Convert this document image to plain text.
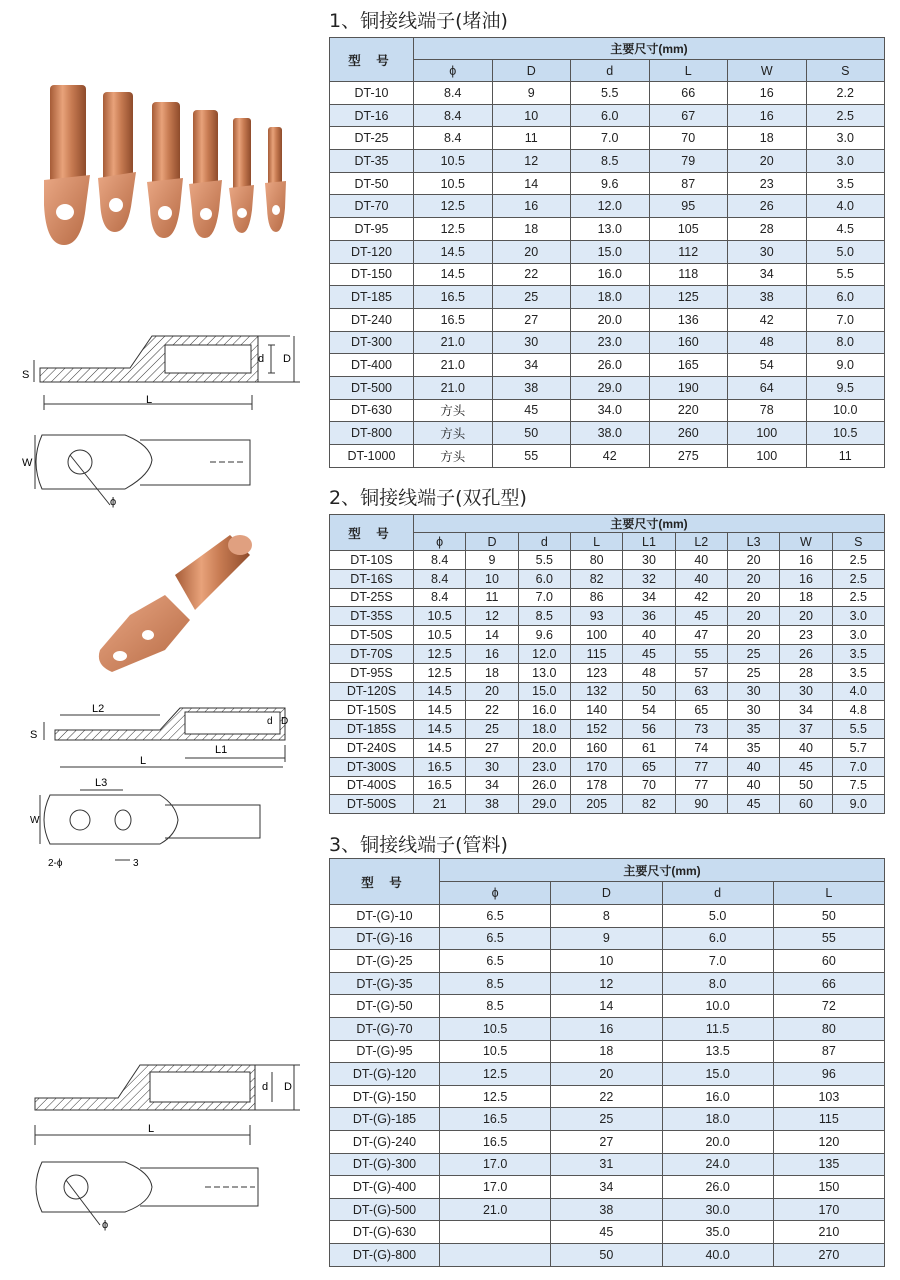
S
L
d D
W
ϕ
L2
S
L1
L
d D
L3
W
2-ϕ	3
L
d D
ϕ
1、铜接线端子(堵油)
型 号	主要尺寸(mm)					
	ϕ	D	d	L	W	S
DT-10	8.4	9	5.5	66	16	2.2
DT-16	8.4	10	6.0	67	16	2.5
DT-25	8.4	11	7.0	70	18	3.0
DT-35	10.5	12	8.5	79	20	3.0
DT-50	10.5	14	9.6	87	23	3.5
DT-70	12.5	16	12.0	95	26	4.0
DT-95	12.5	18	13.0	105	28	4.5
DT-120	14.5	20	15.0	112	30	5.0
DT-150	14.5	22	16.0	118	34	5.5
DT-185	16.5	25	18.0	125	38	6.0
DT-240	16.5	27	20.0	136	42	7.0
DT-300	21.0	30	23.0	160	48	8.0
DT-400	21.0	34	26.0	165	54	9.0
DT-500	21.0	38	29.0	190	64	9.5
DT-630	方头	45	34.0	220	78	10.0
DT-800	方头	50	38.0	260	100	10.5
DT-1000	方头	55	42	275	100	11
2、铜接线端子(双孔型)
型 号	主要尺寸(mm)								
	ϕ	D	d	L	L1	L2	L3	W	S
DT-10S	8.4	9	5.5	80	30	40	20	16	2.5
DT-16S	8.4	10	6.0	82	32	40	20	16	2.5
DT-25S	8.4	11	7.0	86	34	42	20	18	2.5
DT-35S	10.5	12	8.5	93	36	45	20	20	3.0
DT-50S	10.5	14	9.6	100	40	47	20	23	3.0
DT-70S	12.5	16	12.0	115	45	55	25	26	3.5
DT-95S	12.5	18	13.0	123	48	57	25	28	3.5
DT-120S	14.5	20	15.0	132	50	63	30	30	4.0
DT-150S	14.5	22	16.0	140	54	65	30	34	4.8
DT-185S	14.5	25	18.0	152	56	73	35	37	5.5
DT-240S	14.5	27	20.0	160	61	74	35	40	5.7
DT-300S	16.5	30	23.0	170	65	77	40	45	7.0
DT-400S	16.5	34	26.0	178	70	77	40	50	7.5
DT-500S	21	38	29.0	205	82	90	45	60	9.0
3、铜接线端子(管料)
型 号	主要尺寸(mm)			
	ϕ	D	d	L
DT-(G)-10	6.5	8	5.0	50
DT-(G)-16	6.5	9	6.0	55
DT-(G)-25	6.5	10	7.0	60
DT-(G)-35	8.5	12	8.0	66
DT-(G)-50	8.5	14	10.0	72
DT-(G)-70	10.5	16	11.5	80
DT-(G)-95	10.5	18	13.5	87
DT-(G)-120	12.5	20	15.0	96
DT-(G)-150	12.5	22	16.0	103
DT-(G)-185	16.5	25	18.0	115
DT-(G)-240	16.5	27	20.0	120
DT-(G)-300	17.0	31	24.0	135
DT-(G)-400	17.0	34	26.0	150
DT-(G)-500	21.0	38	30.0	170
DT-(G)-630		45	35.0	210
DT-(G)-800		50	40.0	270
